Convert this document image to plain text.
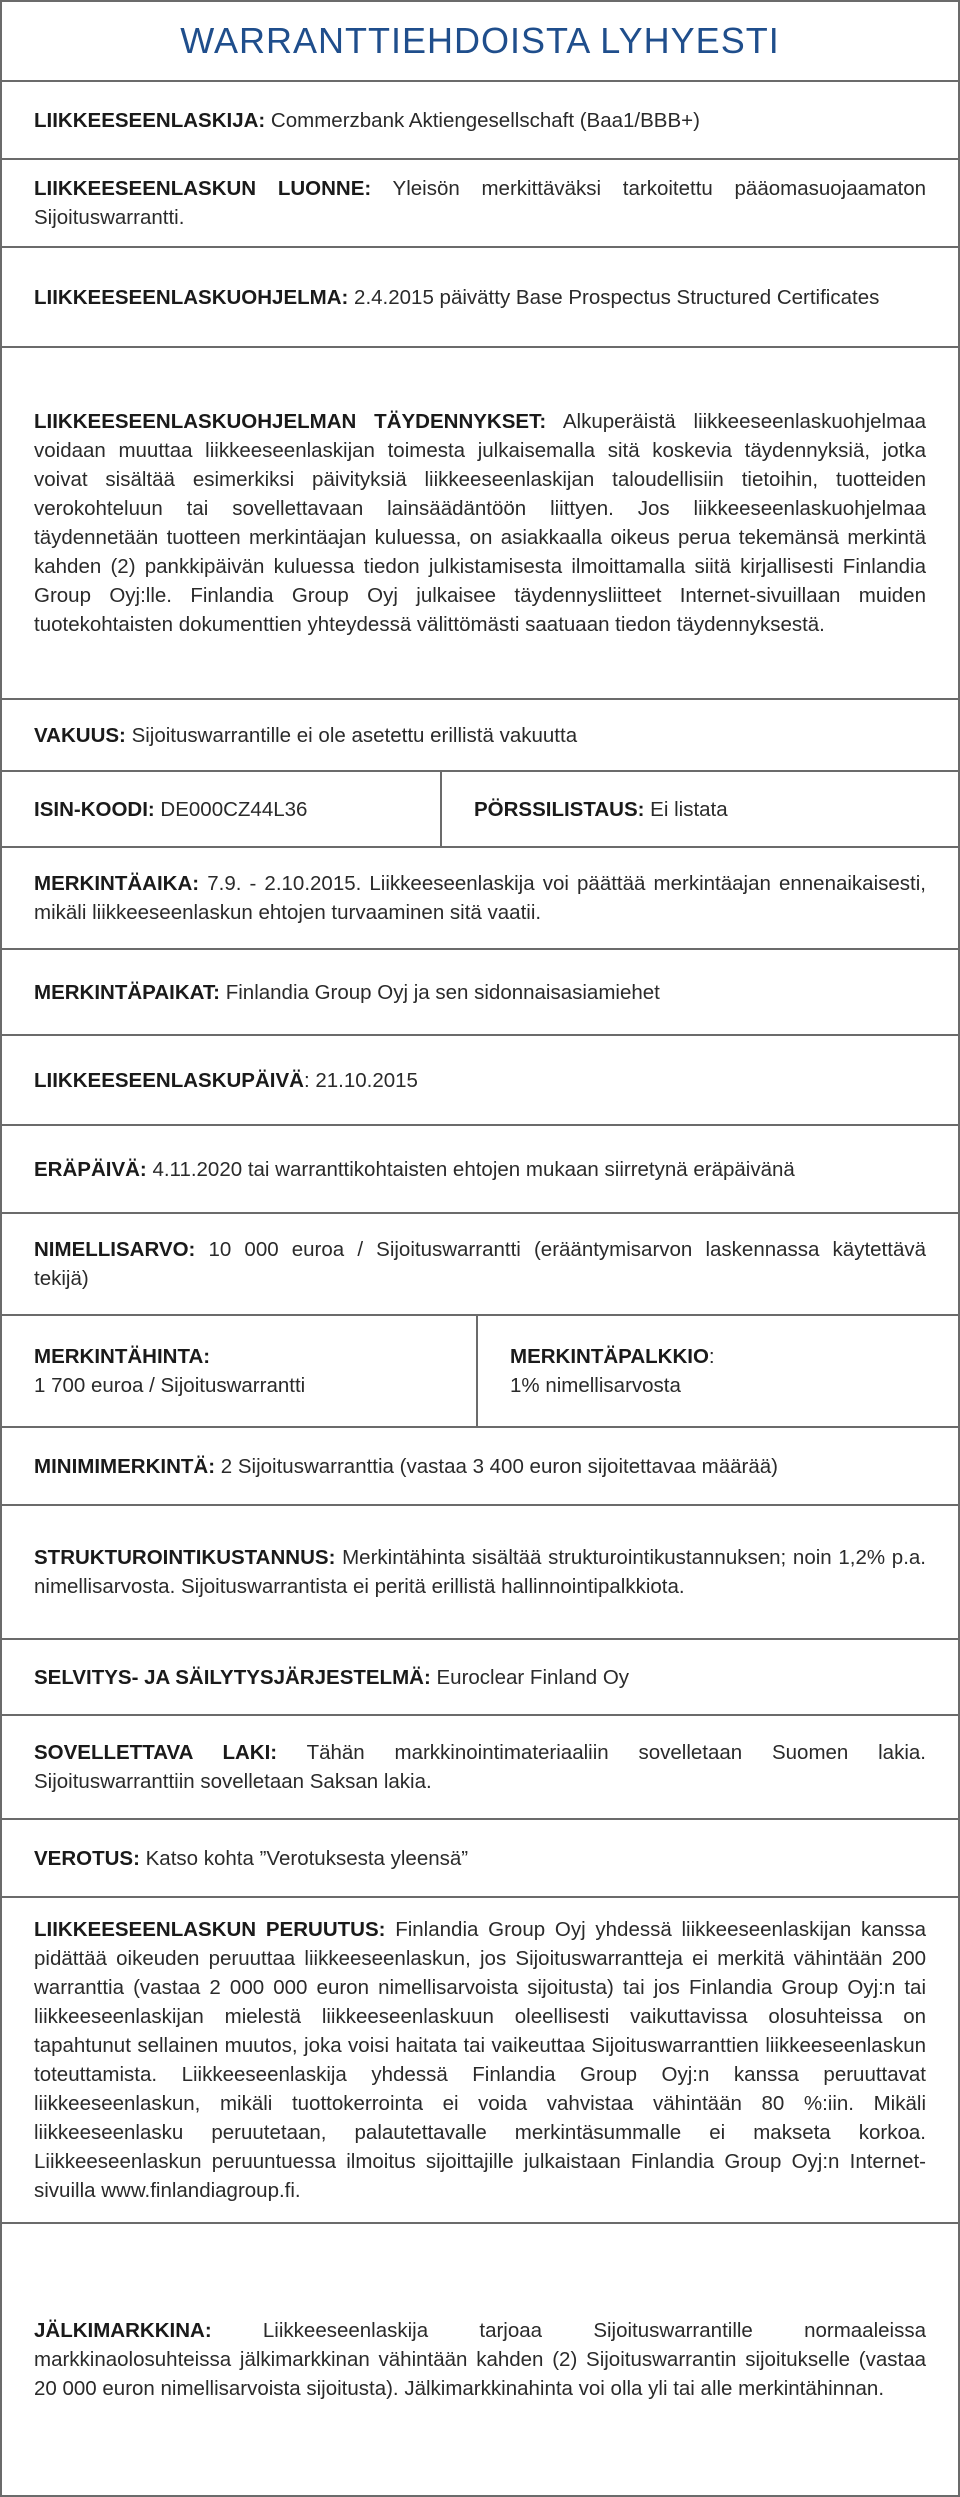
WARRANTTIEHDOISTA LYHYESTI
LIIKKEESEENLASKIJA: Commerzbank Aktiengesellschaft (Baa1/BBB+)
LIIKKEESEENLASKUN LUONNE: Yleisön merkittäväksi tarkoitettu pääomasuojaamaton Sijoituswarrantti.
LIIKKEESEENLASKUOHJELMA: 2.4.2015 päivätty Base Prospectus Structured Certificates
LIIKKEESEENLASKUOHJELMAN TÄYDENNYKSET: Alkuperäistä liikkeeseenlaskuohjelmaa voidaan muuttaa liikkeeseenlaskijan toimesta julkaisemalla sitä koskevia täydennyksiä, jotka voivat sisältää esimerkiksi päivityksiä liikkeeseenlaskijan taloudellisiin tietoihin, tuotteiden verokohteluun tai sovellettavaan lainsäädäntöön liittyen. Jos liikkeeseenlaskuohjelmaa täydennetään tuotteen merkintäajan kuluessa, on asiakkaalla oikeus perua tekemänsä merkintä kahden (2) pankkipäivän kuluessa tiedon julkistamisesta ilmoittamalla siitä kirjallisesti Finlandia Group Oyj:lle. Finlandia Group Oyj julkaisee täydennysliitteet Internet-sivuillaan muiden tuotekohtaisten dokumenttien yhteydessä välittömästi saatuaan tiedon täydennyksestä.
VAKUUS: Sijoituswarrantille ei ole asetettu erillistä vakuutta
ISIN-KOODI: DE000CZ44L36	PÖRSSILISTAUS: Ei listata
MERKINTÄAIKA: 7.9. - 2.10.2015. Liikkeeseenlaskija voi päättää merkintäajan ennenaikaisesti, mikäli liikkeeseenlaskun ehtojen turvaaminen sitä vaatii.
MERKINTÄPAIKAT: Finlandia Group Oyj ja sen sidonnaisasiamiehet
LIIKKEESEENLASKUPÄIVÄ: 21.10.2015
ERÄPÄIVÄ: 4.11.2020 tai warranttikohtaisten ehtojen mukaan siirretynä eräpäivänä
NIMELLISARVO: 10 000 euroa / Sijoituswarrantti (erääntymisarvon laskennassa käytettävä tekijä)
MERKINTÄHINTA:
1 700 euroa / Sijoituswarrantti
MERKINTÄPALKKIO:
1% nimellisarvosta
MINIMIMERKINTÄ: 2 Sijoituswarranttia (vastaa 3 400 euron sijoitettavaa määrää)
STRUKTUROINTIKUSTANNUS: Merkintähinta sisältää strukturointikustannuksen; noin 1,2% p.a. nimellisarvosta. Sijoituswarrantista ei peritä erillistä hallinnointipalkkiota.
SELVITYS- JA SÄILYTYSJÄRJESTELMÄ: Euroclear Finland Oy
SOVELLETTAVA LAKI: Tähän markkinointimateriaaliin sovelletaan Suomen lakia. Sijoituswarranttiin sovelletaan Saksan lakia.
VEROTUS: Katso kohta ”Verotuksesta yleensä”
LIIKKEESEENLASKUN PERUUTUS: Finlandia Group Oyj yhdessä liikkeeseenlaskijan kanssa pidättää oikeuden peruuttaa liikkeeseenlaskun, jos Sijoituswarrantteja ei merkitä vähintään 200 warranttia (vastaa 2 000 000 euron nimellisarvoista sijoitusta) tai jos Finlandia Group Oyj:n tai liikkeeseenlaskijan mielestä liikkeeseenlaskuun oleellisesti vaikuttavissa olosuhteissa on tapahtunut sellainen muutos, joka voisi haitata tai vaikeuttaa Sijoituswarranttien liikkeeseenlaskun toteuttamista. Liikkeeseenlaskija yhdessä Finlandia Group Oyj:n kanssa peruuttavat liikkeeseenlaskun, mikäli tuottokerrointa ei voida vahvistaa vähintään 80 %:iin. Mikäli liikkeeseenlasku peruutetaan, palautettavalle merkintäsummalle ei makseta korkoa. Liikkeeseenlaskun peruuntuessa ilmoitus sijoittajille julkaistaan Finlandia Group Oyj:n Internet-sivuilla www.finlandiagroup.fi.
JÄLKIMARKKINA: Liikkeeseenlaskija tarjoaa Sijoituswarrantille normaaleissa markkinaolosuhteissa jälkimarkkinan vähintään kahden (2) Sijoituswarrantin sijoitukselle (vastaa 20 000 euron nimellisarvoista sijoitusta). Jälkimarkkinahinta voi olla yli tai alle merkintähinnan.
